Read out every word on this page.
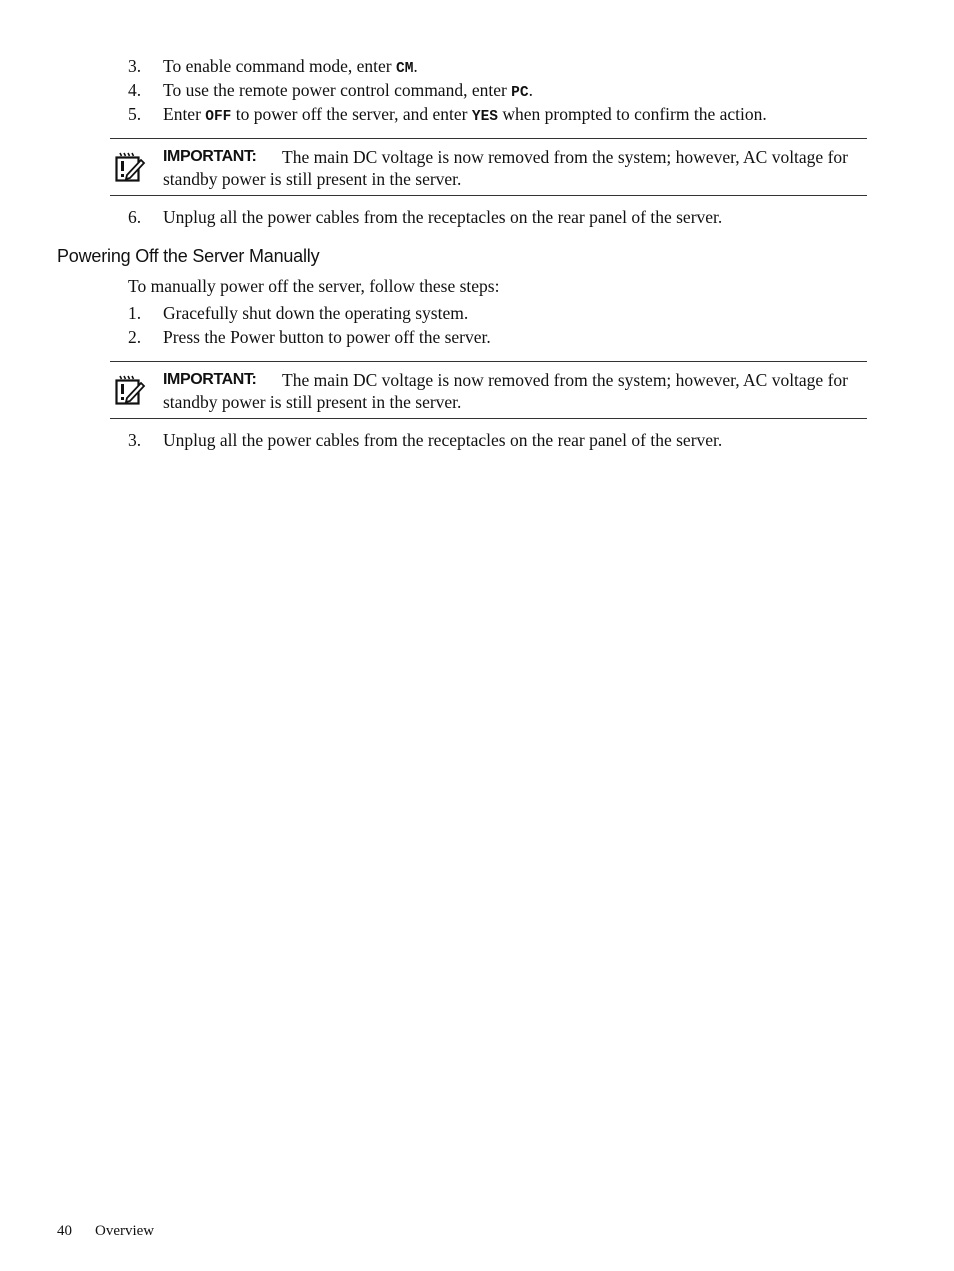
3.	To enable command mode, enter CM.
4.	To use the remote power control command, enter PC.
5.	Enter OFF to power off the server, and enter YES when prompted to confirm the action.
IMPORTANT:	The main DC voltage is now removed from the system; however, AC voltage for standby power is still present in the server.
6.	Unplug all the power cables from the receptacles on the rear panel of the server.
Powering Off the Server Manually
To manually power off the server, follow these steps:
1.	Gracefully shut down the operating system.
2.	Press the Power button to power off the server.
IMPORTANT:	The main DC voltage is now removed from the system; however, AC voltage for standby power is still present in the server.
3.	Unplug all the power cables from the receptacles on the rear panel of the server.
40 Overview
